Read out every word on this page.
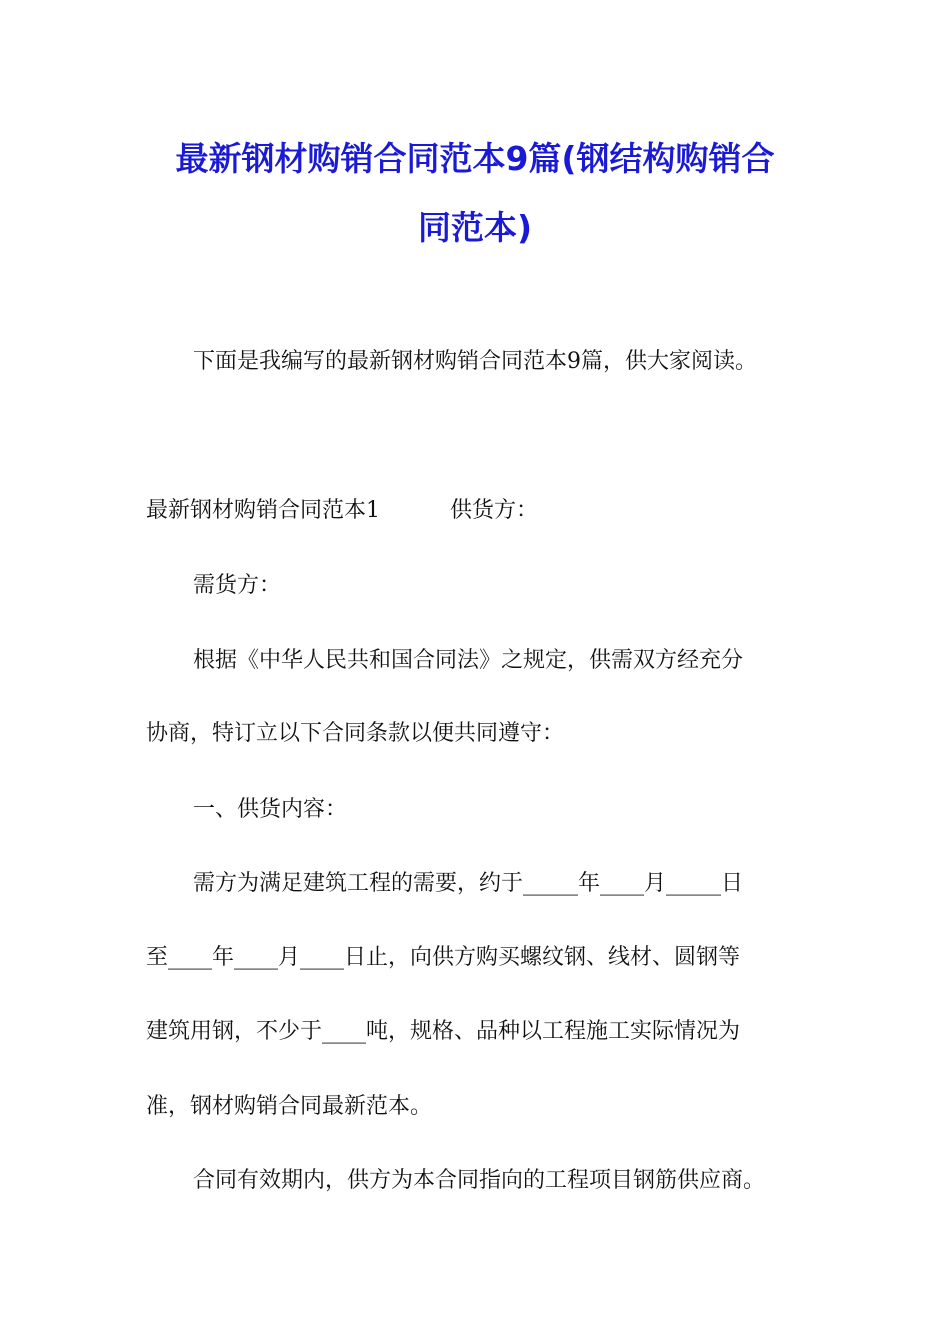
最新钢材购销合同范本9篇(钢结构购销合
同范本)
下面是我编写的最新钢材购销合同范本9篇，供大家阅读。
最新钢材购销合同范本1	供货方：
需货方：
根据《中华人民共和国合同法》之规定，供需双方经充分
协商，特订立以下合同条款以便共同遵守：
一、供货内容：
需方为满足建筑工程的需要，约于_____年____月_____日
至____年____月____日止，向供方购买螺纹钢、线材、圆钢等
建筑用钢，不少于____吨，规格、品种以工程施工实际情况为
准，钢材购销合同最新范本。
合同有效期内，供方为本合同指向的工程项目钢筋供应商。
